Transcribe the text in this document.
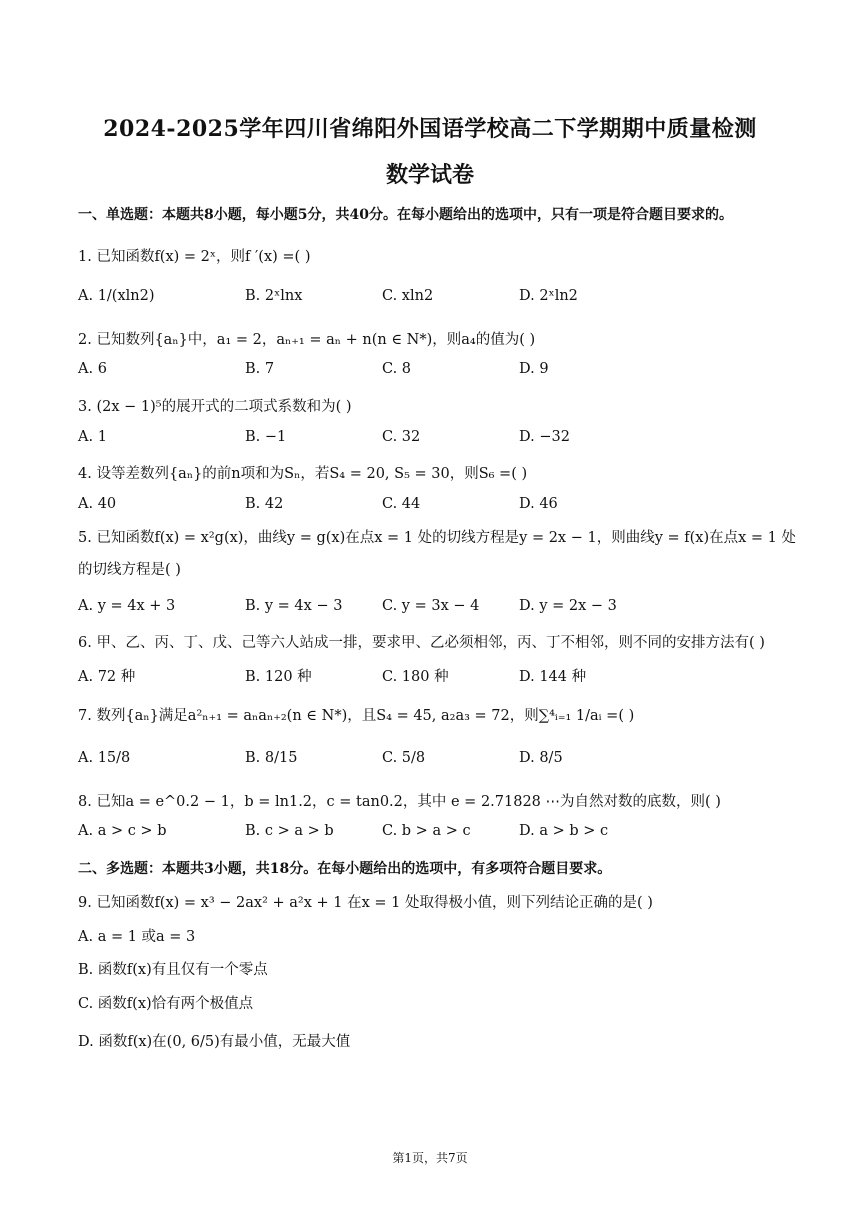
2024-2025学年四川省绵阳外国语学校高二下学期期中质量检测
数学试卷
一、单选题：本题共8小题，每小题5分，共40分。在每小题给出的选项中，只有一项是符合题目要求的。
1. 已知函数f(x) = 2ˣ，则f ′(x) =( )
A. 1/(xln2)	B. 2ˣlnx	C. xln2	D. 2ˣln2
2. 已知数列{aₙ}中，a₁ = 2，aₙ₊₁ = aₙ + n(n ∈ N*)，则a₄的值为( )
A. 6	B. 7	C. 8	D. 9
3. (2x − 1)⁵的展开式的二项式系数和为( )
A. 1	B. −1	C. 32	D. −32
4. 设等差数列{aₙ}的前n项和为Sₙ，若S₄ = 20, S₅ = 30，则S₆ =( )
A. 40	B. 42	C. 44	D. 46
5. 已知函数f(x) = x²g(x)，曲线y = g(x)在点x = 1 处的切线方程是y = 2x − 1，则曲线y = f(x)在点x = 1 处的切线方程是( )
A. y = 4x + 3	B. y = 4x − 3	C. y = 3x − 4	D. y = 2x − 3
6. 甲、乙、丙、丁、戊、己等六人站成一排，要求甲、乙必须相邻，丙、丁不相邻，则不同的安排方法有( )
A. 72 种	B. 120 种	C. 180 种	D. 144 种
7. 数列{aₙ}满足a²ₙ₊₁ = aₙaₙ₊₂(n ∈ N*)，且S₄ = 45, a₂a₃ = 72，则∑⁴ᵢ₌₁ 1/aᵢ =( )
A. 15/8	B. 8/15	C. 5/8	D. 8/5
8. 已知a = e^0.2 − 1，b = ln1.2，c = tan0.2，其中 e = 2.71828 ⋯为自然对数的底数，则( )
A. a > c > b	B. c > a > b	C. b > a > c	D. a > b > c
二、多选题：本题共3小题，共18分。在每小题给出的选项中，有多项符合题目要求。
9. 已知函数f(x) = x³ − 2ax² + a²x + 1 在x = 1 处取得极小值，则下列结论正确的是( )
A. a = 1 或a = 3
B. 函数f(x)有且仅有一个零点
C. 函数f(x)恰有两个极值点
D. 函数f(x)在(0, 6/5)有最小值，无最大值
第1页，共7页
